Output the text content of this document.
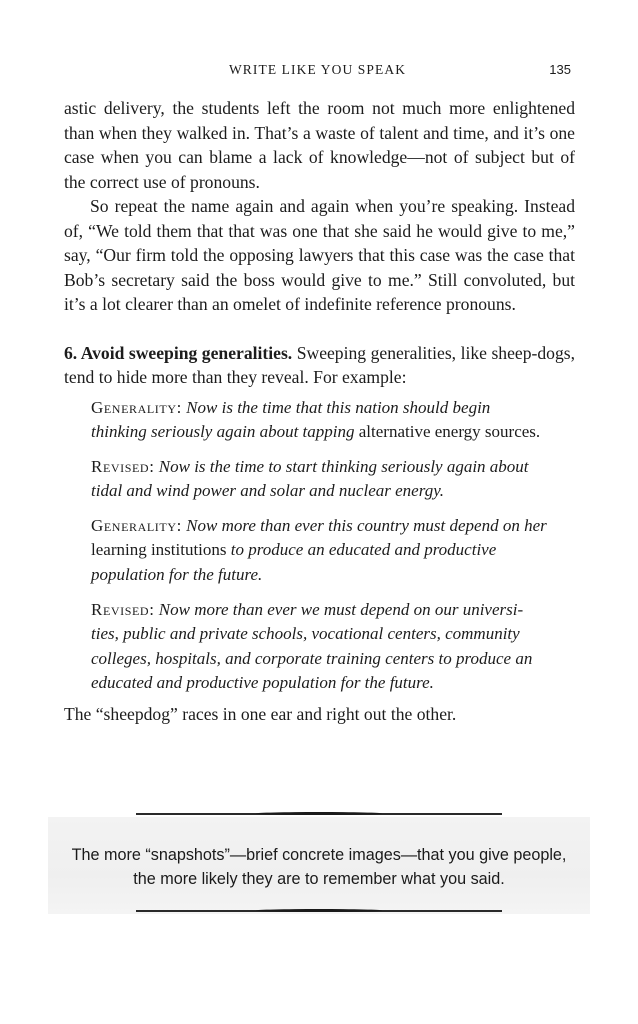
WRITE LIKE YOU SPEAK	135

astic delivery, the students left the room not much more enlightened than when they walked in. That’s a waste of talent and time, and it’s one case when you can blame a lack of knowledge—not of subject but of the correct use of pronouns.

So repeat the name again and again when you’re speaking. Instead of, “We told them that that was one that she said he would give to me,” say, “Our firm told the opposing lawyers that this case was the case that Bob’s secretary said the boss would give to me.” Still convoluted, but it’s a lot clearer than an omelet of indefinite reference pronouns.

6. Avoid sweeping generalities. Sweeping generalities, like sheep-dogs, tend to hide more than they reveal. For example:

Generality: Now is the time that this nation should begin thinking seriously again about tapping alternative energy sources.

Revised: Now is the time to start thinking seriously again about tidal and wind power and solar and nuclear energy.

Generality: Now more than ever this country must depend on her learning institutions to produce an educated and productive population for the future.

Revised: Now more than ever we must depend on our universi-ties, public and private schools, vocational centers, community colleges, hospitals, and corporate training centers to produce an educated and productive population for the future.

The “sheepdog” races in one ear and right out the other.

The more “snapshots”—brief concrete images—that you give people,
the more likely they are to remember what you said.
